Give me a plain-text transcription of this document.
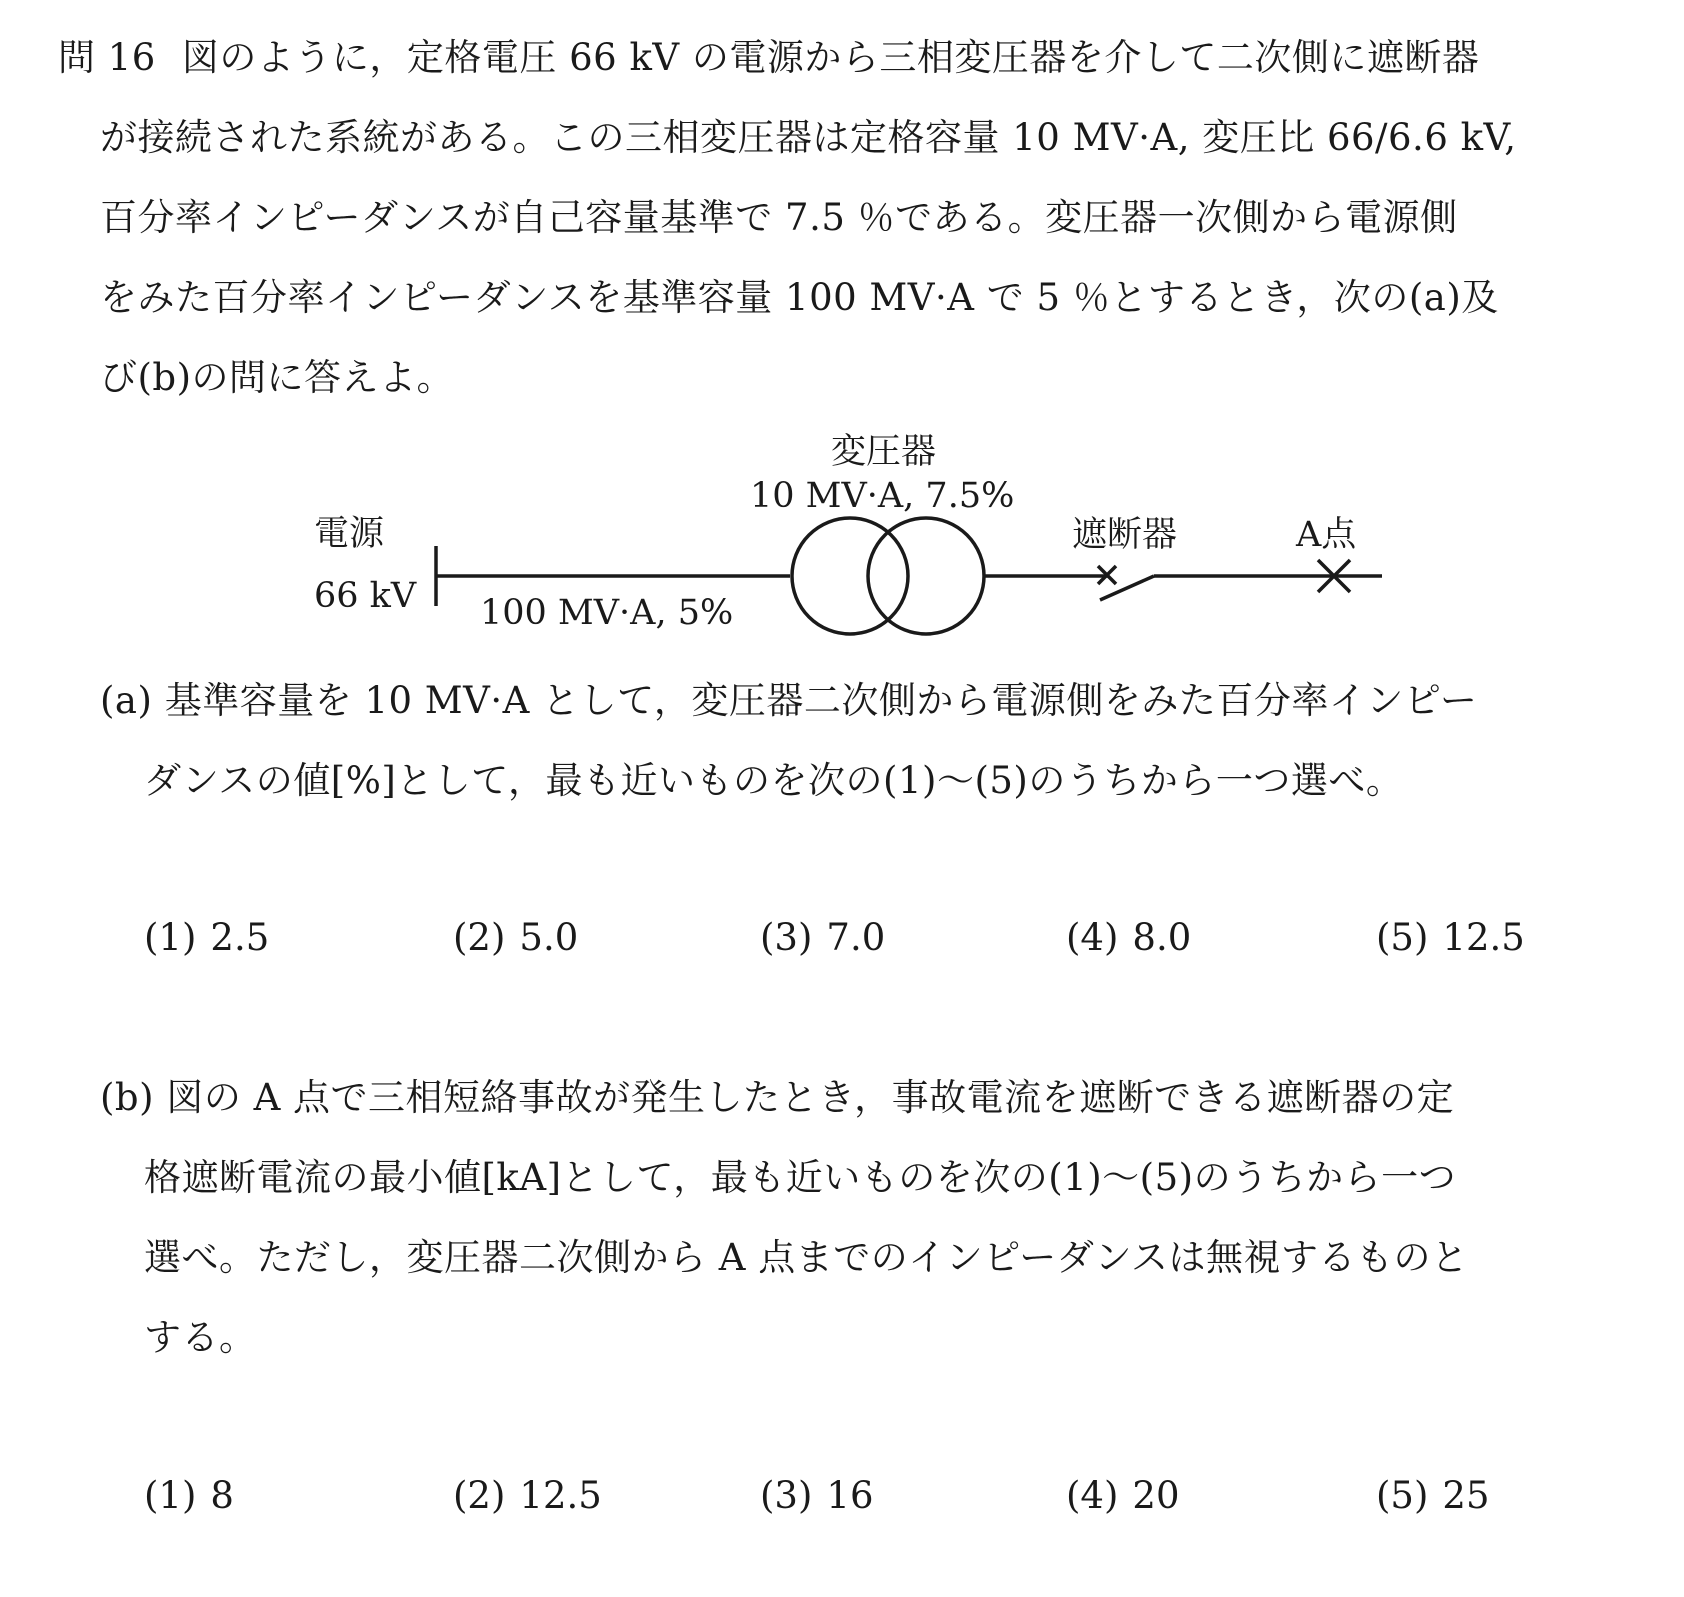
問 16 図のように，定格電圧 66 kV の電源から三相変圧器を介して二次側に遮断器
が接続された系統がある。この三相変圧器は定格容量 10 MV·A, 変圧比 66/6.6 kV,
百分率インピーダンスが自己容量基準で 7.5 ％である。変圧器一次側から電源側
をみた百分率インピーダンスを基準容量 100 MV·A で 5 ％とするとき，次の(a)及
び(b)の問に答えよ。
変圧器
10 MV·A, 7.5%
電源
66 kV 100 MV·A, 5%
遮断器	A点
(a) 基準容量を 10 MV·A として，変圧器二次側から電源側をみた百分率インピー
ダンスの値[%]として，最も近いものを次の(1)～(5)のうちから一つ選べ。
(1) 2.5	(2) 5.0	(3) 7.0	(4) 8.0	(5) 12.5
(b) 図の A 点で三相短絡事故が発生したとき，事故電流を遮断できる遮断器の定
格遮断電流の最小値[kA]として，最も近いものを次の(1)～(5)のうちから一つ
選べ。ただし，変圧器二次側から A 点までのインピーダンスは無視するものと
する。
(1) 8	(2) 12.5	(3) 16	(4) 20	(5) 25
